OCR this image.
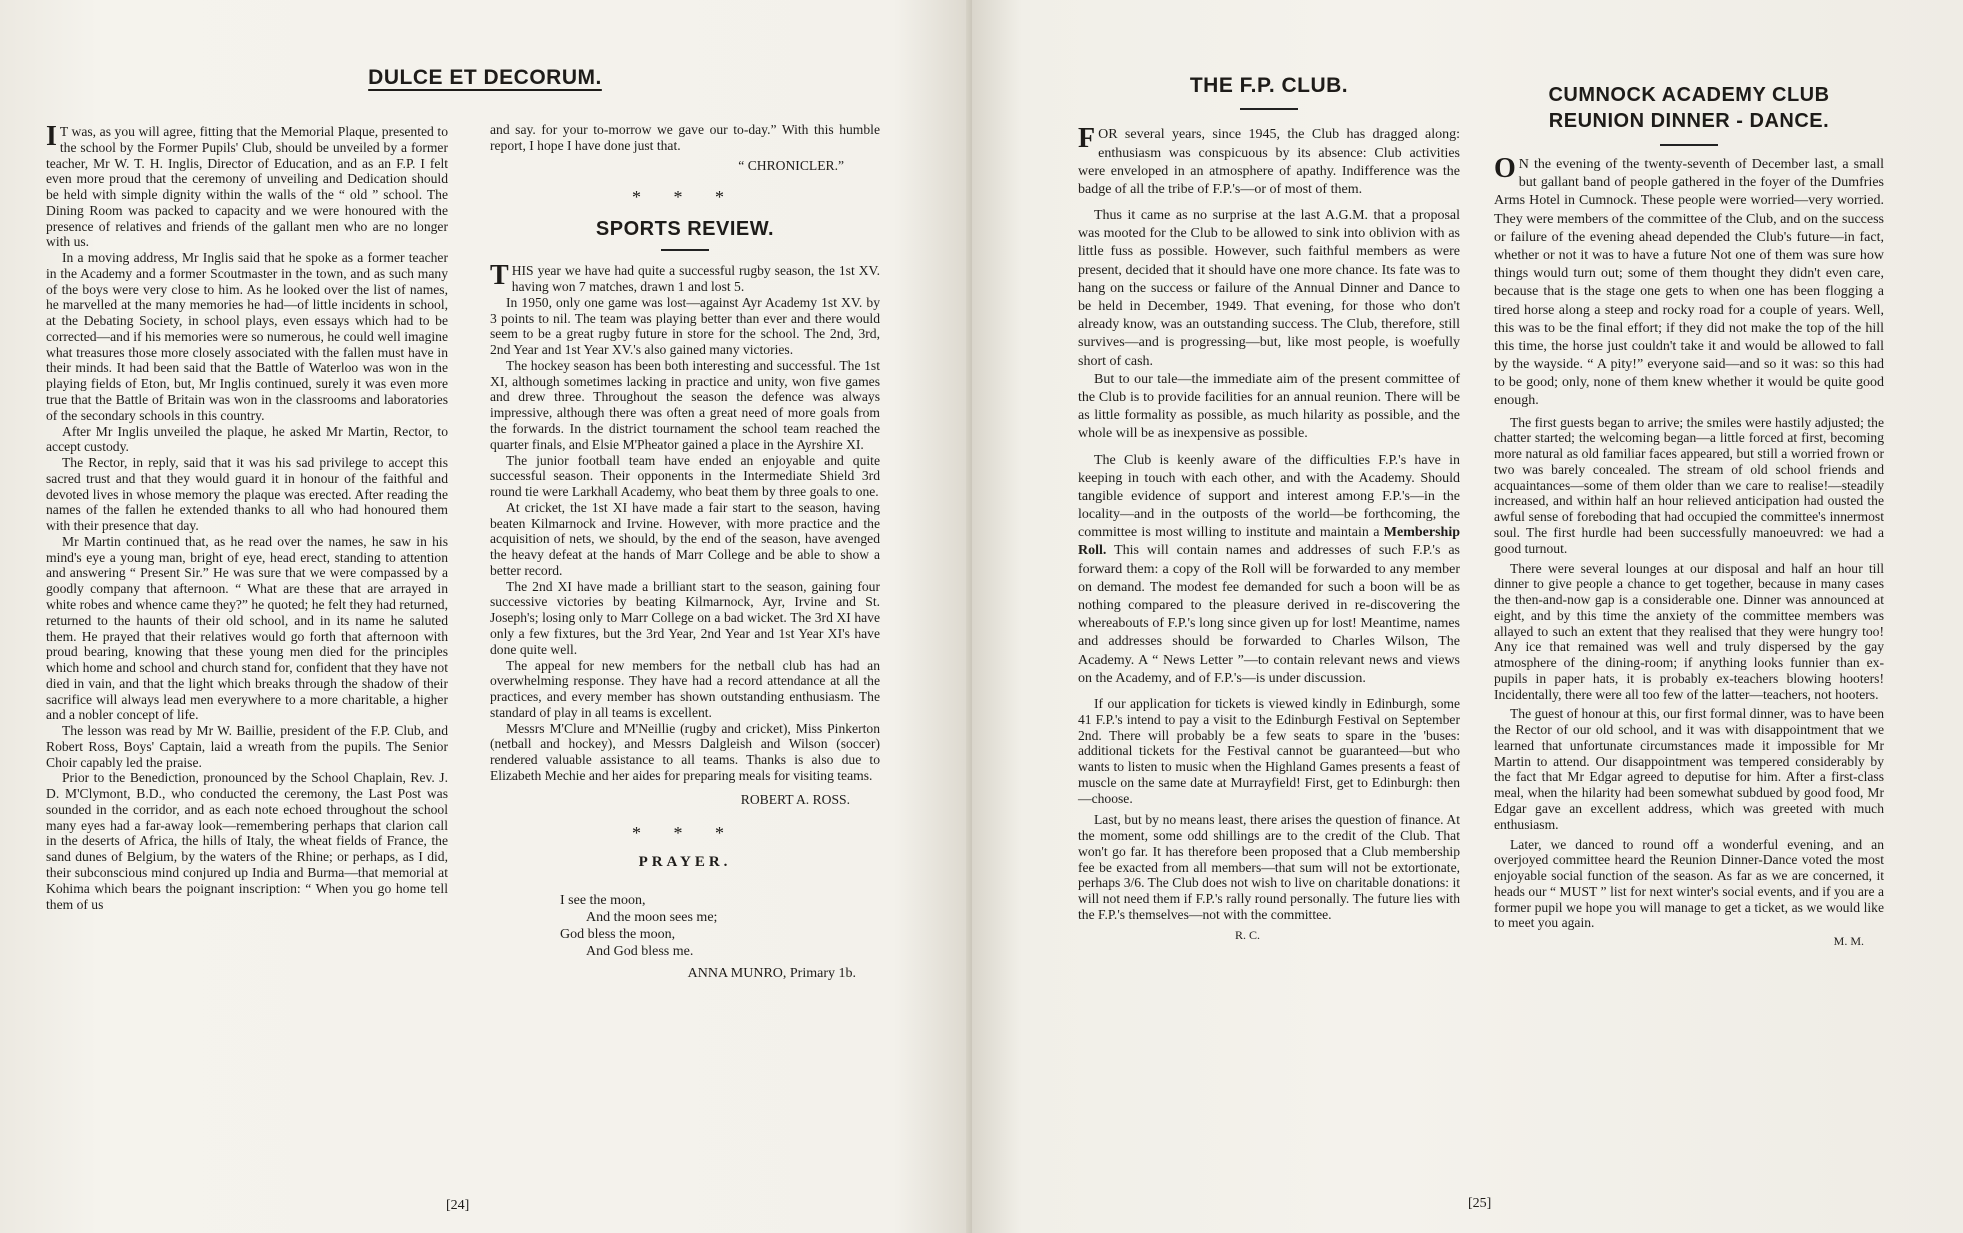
DULCE ET DECORUM.

I T was, as you will agree, fitting that the Memorial Plaque, presented to the school by the Former Pupils' Club, should be unveiled by a former teacher, Mr W. T. H. Inglis, Director of Education, and as an F.P. I felt even more proud that the ceremony of unveiling and Dedication should be held with simple dignity within the walls of the “ old ” school. The Dining Room was packed to capacity and we were honoured with the presence of relatives and friends of the gallant men who are no longer with us.

In a moving address, Mr Inglis said that he spoke as a former teacher in the Academy and a former Scoutmaster in the town, and as such many of the boys were very close to him. As he looked over the list of names, he marvelled at the many memories he had—of little incidents in school, at the Debating Society, in school plays, even essays which had to be corrected—and if his memories were so numerous, he could well imagine what treasures those more closely associated with the fallen must have in their minds. It had been said that the Battle of Waterloo was won in the playing fields of Eton, but, Mr Inglis continued, surely it was even more true that the Battle of Britain was won in the classrooms and laboratories of the secondary schools in this country.

After Mr Inglis unveiled the plaque, he asked Mr Martin, Rector, to accept custody.

The Rector, in reply, said that it was his sad privilege to accept this sacred trust and that they would guard it in honour of the faithful and devoted lives in whose memory the plaque was erected. After reading the names of the fallen he extended thanks to all who had honoured them with their presence that day.

Mr Martin continued that, as he read over the names, he saw in his mind's eye a young man, bright of eye, head erect, standing to attention and answering “ Present Sir.” He was sure that we were compassed by a goodly company that afternoon. “ What are these that are arrayed in white robes and whence came they?” he quoted; he felt they had returned, returned to the haunts of their old school, and in its name he saluted them. He prayed that their relatives would go forth that afternoon with proud bearing, knowing that these young men died for the principles which home and school and church stand for, confident that they have not died in vain, and that the light which breaks through the shadow of their sacrifice will always lead men everywhere to a more charitable, a higher and a nobler concept of life.

The lesson was read by Mr W. Baillie, president of the F.P. Club, and Robert Ross, Boys' Captain, laid a wreath from the pupils. The Senior Choir capably led the praise.

Prior to the Benediction, pronounced by the School Chaplain, Rev. J. D. M'Clymont, B.D., who conducted the ceremony, the Last Post was sounded in the corridor, and as each note echoed throughout the school many eyes had a far-away look—remembering perhaps that clarion call in the deserts of Africa, the hills of Italy, the wheat fields of France, the sand dunes of Belgium, by the waters of the Rhine; or perhaps, as I did, their subconscious mind conjured up India and Burma—that memorial at Kohima which bears the poignant inscription: “ When you go home tell them of us

and say. for your to-morrow we gave our to-day.” With this humble report, I hope I have done just that.

“ CHRONICLER.”
* * *
SPORTS REVIEW.

THIS year we have had quite a successful rugby season, the 1st XV. having won 7 matches, drawn 1 and lost 5.

In 1950, only one game was lost—against Ayr Academy 1st XV. by 3 points to nil. The team was playing better than ever and there would seem to be a great rugby future in store for the school. The 2nd, 3rd, 2nd Year and 1st Year XV.'s also gained many victories.

The hockey season has been both interesting and successful. The 1st XI, although sometimes lacking in practice and unity, won five games and drew three. Throughout the season the defence was always impressive, although there was often a great need of more goals from the forwards. In the district tournament the school team reached the quarter finals, and Elsie M'Pheator gained a place in the Ayrshire XI.

The junior football team have ended an enjoyable and quite successful season. Their opponents in the Intermediate Shield 3rd round tie were Larkhall Academy, who beat them by three goals to one.

At cricket, the 1st XI have made a fair start to the season, having beaten Kilmarnock and Irvine. However, with more practice and the acquisition of nets, we should, by the end of the season, have avenged the heavy defeat at the hands of Marr College and be able to show a better record.

The 2nd XI have made a brilliant start to the season, gaining four successive victories by beating Kilmarnock, Ayr, Irvine and St. Joseph's; losing only to Marr College on a bad wicket. The 3rd XI have only a few fixtures, but the 3rd Year, 2nd Year and 1st Year XI's have done quite well.

The appeal for new members for the netball club has had an overwhelming response. They have had a record attendance at all the practices, and every member has shown outstanding enthusiasm. The standard of play in all teams is excellent.

Messrs M'Clure and M'Neillie (rugby and cricket), Miss Pinkerton (netball and hockey), and Messrs Dalgleish and Wilson (soccer) rendered valuable assistance to all teams. Thanks is also due to Elizabeth Mechie and her aides for preparing meals for visiting teams.

ROBERT A. ROSS.
* * *
PRAYER.
I see the moon,
And the moon sees me;
God bless the moon,
And God bless me.
ANNA MUNRO, Primary 1b.
[24]
THE F.P. CLUB.

FOR several years, since 1945, the Club has dragged along: enthusiasm was conspicuous by its absence: Club activities were enveloped in an atmosphere of apathy. Indifference was the badge of all the tribe of F.P.'s—or of most of them.

Thus it came as no surprise at the last A.G.M. that a proposal was mooted for the Club to be allowed to sink into oblivion with as little fuss as possible. However, such faithful members as were present, decided that it should have one more chance. Its fate was to hang on the success or failure of the Annual Dinner and Dance to be held in December, 1949. That evening, for those who don't already know, was an outstanding success. The Club, therefore, still survives—and is progressing—but, like most people, is woefully short of cash.

But to our tale—the immediate aim of the present committee of the Club is to provide facilities for an annual reunion. There will be as little formality as possible, as much hilarity as possible, and the whole will be as inexpensive as possible.

The Club is keenly aware of the difficulties F.P.'s have in keeping in touch with each other, and with the Academy. Should tangible evidence of support and interest among F.P.'s—in the locality—and in the outposts of the world—be forthcoming, the committee is most willing to institute and maintain a Membership Roll. This will contain names and addresses of such F.P.'s as forward them: a copy of the Roll will be forwarded to any member on demand. The modest fee demanded for such a boon will be as nothing compared to the pleasure derived in re-discovering the whereabouts of F.P.'s long since given up for lost! Meantime, names and addresses should be forwarded to Charles Wilson, The Academy. A “ News Letter ”—to contain relevant news and views on the Academy, and of F.P.'s—is under discussion.

If our application for tickets is viewed kindly in Edinburgh, some 41 F.P.'s intend to pay a visit to the Edinburgh Festival on September 2nd. There will probably be a few seats to spare in the 'buses: additional tickets for the Festival cannot be guaranteed—but who wants to listen to music when the Highland Games presents a feast of muscle on the same date at Murrayfield! First, get to Edinburgh: then—choose.

Last, but by no means least, there arises the question of finance. At the moment, some odd shillings are to the credit of the Club. That won't go far. It has therefore been proposed that a Club membership fee be exacted from all members—that sum will not be extortionate, perhaps 3/6. The Club does not wish to live on charitable donations: it will not need them if F.P.'s rally round personally. The future lies with the F.P.'s themselves—not with the committee.

R. C.
CUMNOCK ACADEMY CLUB
REUNION DINNER - DANCE.

O N the evening of the twenty-seventh of December last, a small but gallant band of people gathered in the foyer of the Dumfries Arms Hotel in Cumnock. These people were worried—very worried. They were members of the committee of the Club, and on the success or failure of the evening ahead depended the Club's future—in fact, whether or not it was to have a future Not one of them was sure how things would turn out; some of them thought they didn't even care, because that is the stage one gets to when one has been flogging a tired horse along a steep and rocky road for a couple of years. Well, this was to be the final effort; if they did not make the top of the hill this time, the horse just couldn't take it and would be allowed to fall by the wayside. “ A pity!” everyone said—and so it was: so this had to be good; only, none of them knew whether it would be quite good enough.

The first guests began to arrive; the smiles were hastily adjusted; the chatter started; the welcoming began—a little forced at first, becoming more natural as old familiar faces appeared, but still a worried frown or two was barely concealed. The stream of old school friends and acquaintances—some of them older than we care to realise!—steadily increased, and within half an hour relieved anticipation had ousted the awful sense of foreboding that had occupied the committee's innermost soul. The first hurdle had been successfully manoeuvred: we had a good turnout.

There were several lounges at our disposal and half an hour till dinner to give people a chance to get together, because in many cases the then-and-now gap is a considerable one. Dinner was announced at eight, and by this time the anxiety of the committee members was allayed to such an extent that they realised that they were hungry too! Any ice that remained was well and truly dispersed by the gay atmosphere of the dining-room; if anything looks funnier than ex-pupils in paper hats, it is probably ex-teachers blowing hooters! Incidentally, there were all too few of the latter—teachers, not hooters.

The guest of honour at this, our first formal dinner, was to have been the Rector of our old school, and it was with disappointment that we learned that unfortunate circumstances made it impossible for Mr Martin to attend. Our disappointment was tempered considerably by the fact that Mr Edgar agreed to deputise for him. After a first-class meal, when the hilarity had been somewhat subdued by good food, Mr Edgar gave an excellent address, which was greeted with much enthusiasm.

Later, we danced to round off a wonderful evening, and an overjoyed committee heard the Reunion Dinner-Dance voted the most enjoyable social function of the season. As far as we are concerned, it heads our “ MUST ” list for next winter's social events, and if you are a former pupil we hope you will manage to get a ticket, as we would like to meet you again.

M. M.
[25]
